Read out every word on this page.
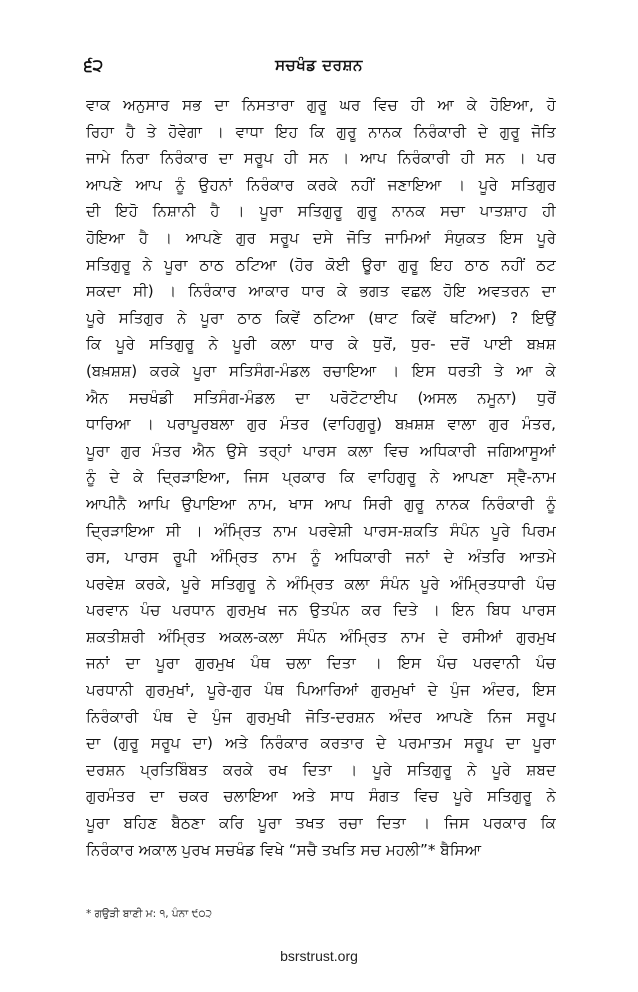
੬੨	ਸਚਖੰਡ ਦਰਸ਼ਨ
ਵਾਕ ਅਨੁਸਾਰ ਸਭ ਦਾ ਨਿਸਤਾਰਾ ਗੁਰੂ ਘਰ ਵਿਚ ਹੀ ਆ ਕੇ ਹੋਇਆ, ਹੋ
ਰਿਹਾ ਹੈ ਤੇ ਹੋਵੇਗਾ । ਵਾਧਾ ਇਹ ਕਿ ਗੁਰੂ ਨਾਨਕ ਨਿਰੰਕਾਰੀ ਦੇ ਗੁਰੂ ਜੋਤਿ
ਜਾਮੇ ਨਿਰਾ ਨਿਰੰਕਾਰ ਦਾ ਸਰੂਪ ਹੀ ਸਨ । ਆਪ ਨਿਰੰਕਾਰੀ ਹੀ ਸਨ । ਪਰ
ਆਪਣੇ ਆਪ ਨੂੰ ਉਹਨਾਂ ਨਿਰੰਕਾਰ ਕਰਕੇ ਨਹੀਂ ਜਣਾਇਆ । ਪੂਰੇ ਸਤਿਗੁਰ
ਦੀ ਇਹੋ ਨਿਸ਼ਾਨੀ ਹੈ । ਪੂਰਾ ਸਤਿਗੁਰੂ ਗੁਰੂ ਨਾਨਕ ਸਚਾ ਪਾਤਸ਼ਾਹ ਹੀ
ਹੋਇਆ ਹੈ । ਆਪਣੇ ਗੁਰ ਸਰੂਪ ਦਸੇ ਜੋਤਿ ਜਾਮਿਆਂ ਸੰਯੁਕਤ ਇਸ ਪੂਰੇ
ਸਤਿਗੁਰੂ ਨੇ ਪੂਰਾ ਠਾਠ ਠਟਿਆ (ਹੋਰ ਕੋਈ ਊਰਾ ਗੁਰੂ ਇਹ ਠਾਠ ਨਹੀਂ ਠਟ
ਸਕਦਾ ਸੀ) । ਨਿਰੰਕਾਰ ਆਕਾਰ ਧਾਰ ਕੇ ਭਗਤ ਵਛਲ ਹੋਇ ਅਵਤਰਨ ਦਾ
ਪੂਰੇ ਸਤਿਗੁਰ ਨੇ ਪੂਰਾ ਠਾਠ ਕਿਵੇਂ ਠਟਿਆ (ਥਾਟ ਕਿਵੇਂ ਥਟਿਆ) ? ਇਉਂ
ਕਿ ਪੂਰੇ ਸਤਿਗੁਰੂ ਨੇ ਪੂਰੀ ਕਲਾ ਧਾਰ ਕੇ ਧੁਰੋਂ, ਧੁਰ- ਦਰੋਂ ਪਾਈ ਬਖ਼ਸ਼
(ਬਖ਼ਸ਼ਸ਼) ਕਰਕੇ ਪੂਰਾ ਸਤਿਸੰਗ-ਮੰਡਲ ਰਚਾਇਆ । ਇਸ ਧਰਤੀ ਤੇ ਆ ਕੇ
ਐਨ ਸਚਖੰਡੀ ਸਤਿਸੰਗ-ਮੰਡਲ ਦਾ ਪਰੋਟੋਟਾਈਪ (ਅਸਲ ਨਮੂਨਾ) ਧੁਰੋਂ
ਧਾਰਿਆ । ਪਰਾਪੂਰਬਲਾ ਗੁਰ ਮੰਤਰ (ਵਾਹਿਗੁਰੂ) ਬਖ਼ਸ਼ਸ਼ ਵਾਲਾ ਗੁਰ ਮੰਤਰ,
ਪੂਰਾ ਗੁਰ ਮੰਤਰ ਐਨ ਉਸੇ ਤਰ੍ਹਾਂ ਪਾਰਸ ਕਲਾ ਵਿਚ ਅਧਿਕਾਰੀ ਜਗਿਆਸੂਆਂ
ਨੂੰ ਦੇ ਕੇ ਦ੍ਰਿੜਾਇਆ, ਜਿਸ ਪ੍ਰਕਾਰ ਕਿ ਵਾਹਿਗੁਰੂ ਨੇ ਆਪਣਾ ਸ੍ਵੈ-ਨਾਮ
ਆਪੀਨੈ ਆਪਿ ਉਪਾਇਆ ਨਾਮ, ਖਾਸ ਆਪ ਸਿਰੀ ਗੁਰੂ ਨਾਨਕ ਨਿਰੰਕਾਰੀ ਨੂੰ
ਦ੍ਰਿੜਾਇਆ ਸੀ । ਅੰਮ੍ਰਿਤ ਨਾਮ ਪਰਵੇਸ਼ੀ ਪਾਰਸ-ਸ਼ਕਤਿ ਸੰਪੰਨ ਪੂਰੇ ਪਿਰਮ
ਰਸ, ਪਾਰਸ ਰੂਪੀ ਅੰਮ੍ਰਿਤ ਨਾਮ ਨੂੰ ਅਧਿਕਾਰੀ ਜਨਾਂ ਦੇ ਅੰਤਰਿ ਆਤਮੇ
ਪਰਵੇਸ਼ ਕਰਕੇ, ਪੂਰੇ ਸਤਿਗੁਰੂ ਨੇ ਅੰਮ੍ਰਿਤ ਕਲਾ ਸੰਪੰਨ ਪੂਰੇ ਅੰਮ੍ਰਿਤਧਾਰੀ ਪੰਚ
ਪਰਵਾਨ ਪੰਚ ਪਰਧਾਨ ਗੁਰਮੁਖ ਜਨ ਉਤਪੰਨ ਕਰ ਦਿਤੇ । ਇਨ ਬਿਧ ਪਾਰਸ
ਸ਼ਕਤੀਸ਼ਰੀ ਅੰਮ੍ਰਿਤ ਅਕਲ-ਕਲਾ ਸੰਪੰਨ ਅੰਮ੍ਰਿਤ ਨਾਮ ਦੇ ਰਸੀਆਂ ਗੁਰਮੁਖ
ਜਨਾਂ ਦਾ ਪੂਰਾ ਗੁਰਮੁਖ ਪੰਥ ਚਲਾ ਦਿਤਾ । ਇਸ ਪੰਚ ਪਰਵਾਨੀ ਪੰਚ
ਪਰਧਾਨੀ ਗੁਰਮੁਖਾਂ, ਪੂਰੇ-ਗੁਰ ਪੰਥ ਪਿਆਰਿਆਂ ਗੁਰਮੁਖਾਂ ਦੇ ਪੁੰਜ ਅੰਦਰ, ਇਸ
ਨਿਰੰਕਾਰੀ ਪੰਥ ਦੇ ਪੁੰਜ ਗੁਰਮੁਖੀ ਜੋਤਿ-ਦਰਸ਼ਨ ਅੰਦਰ ਆਪਣੇ ਨਿਜ ਸਰੂਪ
ਦਾ (ਗੁਰੂ ਸਰੂਪ ਦਾ) ਅਤੇ ਨਿਰੰਕਾਰ ਕਰਤਾਰ ਦੇ ਪਰਮਾਤਮ ਸਰੂਪ ਦਾ ਪੂਰਾ
ਦਰਸ਼ਨ ਪ੍ਰਤਿਬਿੰਬਤ ਕਰਕੇ ਰਖ ਦਿਤਾ । ਪੂਰੇ ਸਤਿਗੁਰੂ ਨੇ ਪੂਰੇ ਸ਼ਬਦ
ਗੁਰਮੰਤਰ ਦਾ ਚਕਰ ਚਲਾਇਆ ਅਤੇ ਸਾਧ ਸੰਗਤ ਵਿਚ ਪੂਰੇ ਸਤਿਗੁਰੂ ਨੇ
ਪੂਰਾ ਬਹਿਣ ਬੈਠਣਾ ਕਰਿ ਪੂਰਾ ਤਖਤ ਰਚਾ ਦਿਤਾ । ਜਿਸ ਪਰਕਾਰ ਕਿ
ਨਿਰੰਕਾਰ ਅਕਾਲ ਪੁਰਖ ਸਚਖੰਡ ਵਿਖੇ “ਸਚੈ ਤਖਤਿ ਸਚ ਮਹਲੀ”* ਬੈਸਿਆ
* ਗਉੜੀ ਬਾਣੀ ਮ: ੧, ਪੰਨਾ ੯੦੨
bsrstrust.org
